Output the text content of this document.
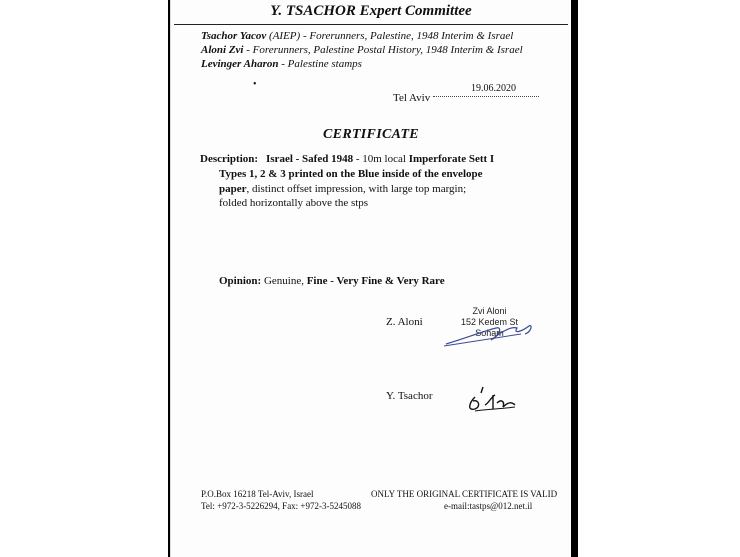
Y. TSACHOR Expert Committee
Tsachor Yacov (AIEP) - Forerunners, Palestine, 1948 Interim & Israel
Aloni Zvi - Forerunners, Palestine Postal History, 1948 Interim & Israel
Levinger Aharon - Palestine stamps
•
Tel Aviv
19.06.2020
CERTIFICATE
Description: Israel - Safed 1948 - 10m local Imperforate Sett I
Types 1, 2 & 3 printed on the Blue inside of the envelope
paper, distinct offset impression, with large top margin;
folded horizontally above the stps
Opinion: Genuine, Fine - Very Fine & Very Rare
Z. Aloni
Zvi Aloni
152 Kedem St
Soham
Y. Tsachor
P.O.Box 16218 Tel-Aviv, Israel
Tel: +972-3-5226294, Fax: +972-3-5245088
ONLY THE ORIGINAL CERTIFICATE IS VALID
e-mail:tastps@012.net.il
